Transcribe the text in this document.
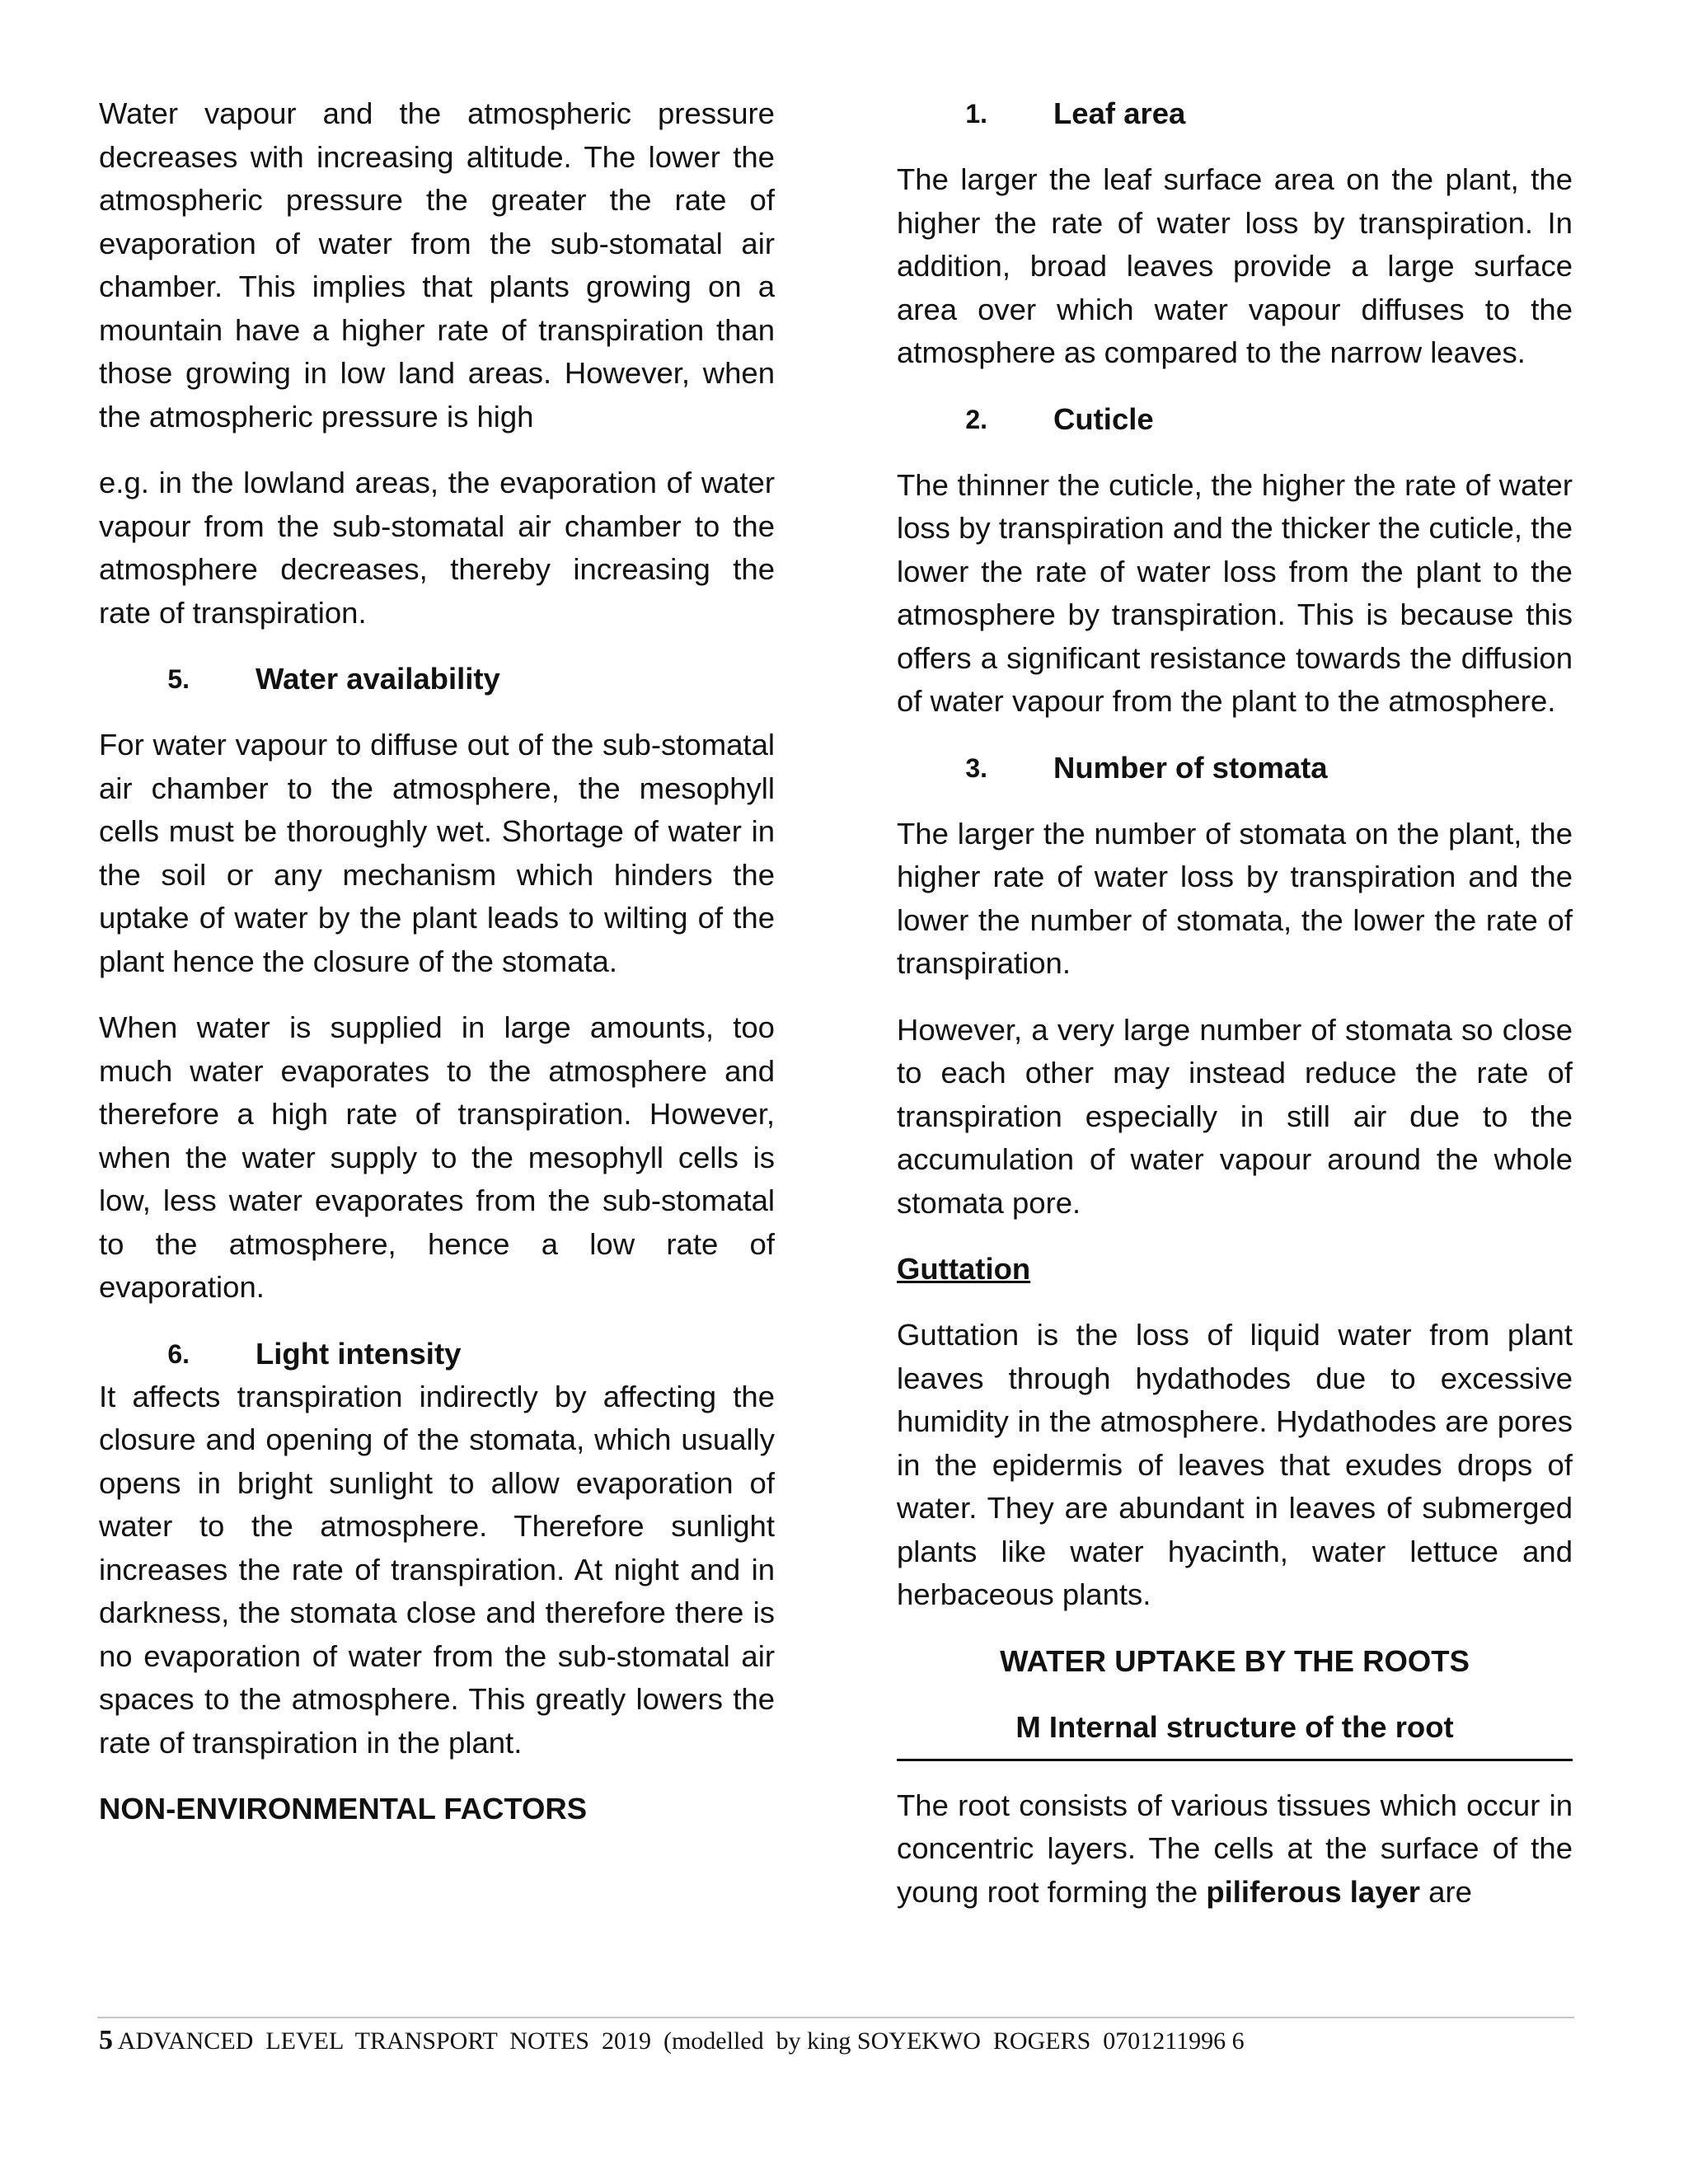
Water vapour and the atmospheric pressure decreases with increasing altitude. The lower the atmospheric pressure the greater the rate of evaporation of water from the sub-stomatal air chamber. This implies that plants growing on a mountain have a higher rate of transpiration than those growing in low land areas. However, when the atmospheric pressure is high

e.g. in the lowland areas, the evaporation of water vapour from the sub-stomatal air chamber to the atmosphere decreases, thereby increasing the rate of transpiration.

5. Water availability

For water vapour to diffuse out of the sub-stomatal air chamber to the atmosphere, the mesophyll cells must be thoroughly wet. Shortage of water in the soil or any mechanism which hinders the uptake of water by the plant leads to wilting of the plant hence the closure of the stomata.

When water is supplied in large amounts, too much water evaporates to the atmosphere and therefore a high rate of transpiration. However, when the water supply to the mesophyll cells is low, less water evaporates from the sub-stomatal to the atmosphere, hence a low rate of evaporation.

6. Light intensity

It affects transpiration indirectly by affecting the closure and opening of the stomata, which usually opens in bright sunlight to allow evaporation of water to the atmosphere. Therefore sunlight increases the rate of transpiration. At night and in darkness, the stomata close and therefore there is no evaporation of water from the sub-stomatal air spaces to the atmosphere. This greatly lowers the rate of transpiration in the plant.

NON-ENVIRONMENTAL FACTORS
1. Leaf area

The larger the leaf surface area on the plant, the higher the rate of water loss by transpiration. In addition, broad leaves provide a large surface area over which water vapour diffuses to the atmosphere as compared to the narrow leaves.

2. Cuticle

The thinner the cuticle, the higher the rate of water loss by transpiration and the thicker the cuticle, the lower the rate of water loss from the plant to the atmosphere by transpiration. This is because this offers a significant resistance towards the diffusion of water vapour from the plant to the atmosphere.

3. Number of stomata

The larger the number of stomata on the plant, the higher rate of water loss by transpiration and the lower the number of stomata, the lower the rate of transpiration.

However, a very large number of stomata so close to each other may instead reduce the rate of transpiration especially in still air due to the accumulation of water vapour around the whole stomata pore.

Guttation

Guttation is the loss of liquid water from plant leaves through hydathodes due to excessive humidity in the atmosphere. Hydathodes are pores in the epidermis of leaves that exudes drops of water. They are abundant in leaves of submerged plants like water hyacinth, water lettuce and herbaceous plants.

WATER UPTAKE BY THE ROOTS
M Internal structure of the root

The root consists of various tissues which occur in concentric layers. The cells at the surface of the young root forming the piliferous layer are

5 ADVANCED  LEVEL  TRANSPORT  NOTES  2019  (modelled  by king SOYEKWO  ROGERS  0701211996 6
